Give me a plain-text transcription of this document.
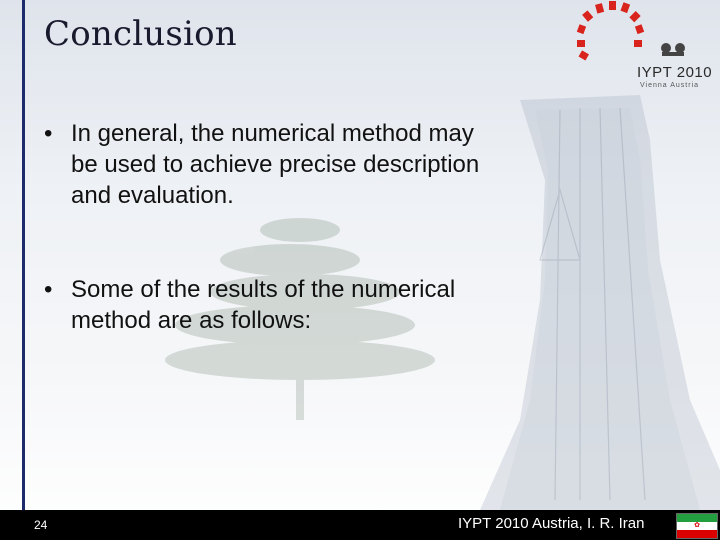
Conclusion
IYPT 2010
Vienna Austria
• In general, the numerical method may be used to achieve precise description and evaluation.
• Some of the results of the numerical method are as follows:
24	IYPT 2010 Austria, I. R. Iran	✿
